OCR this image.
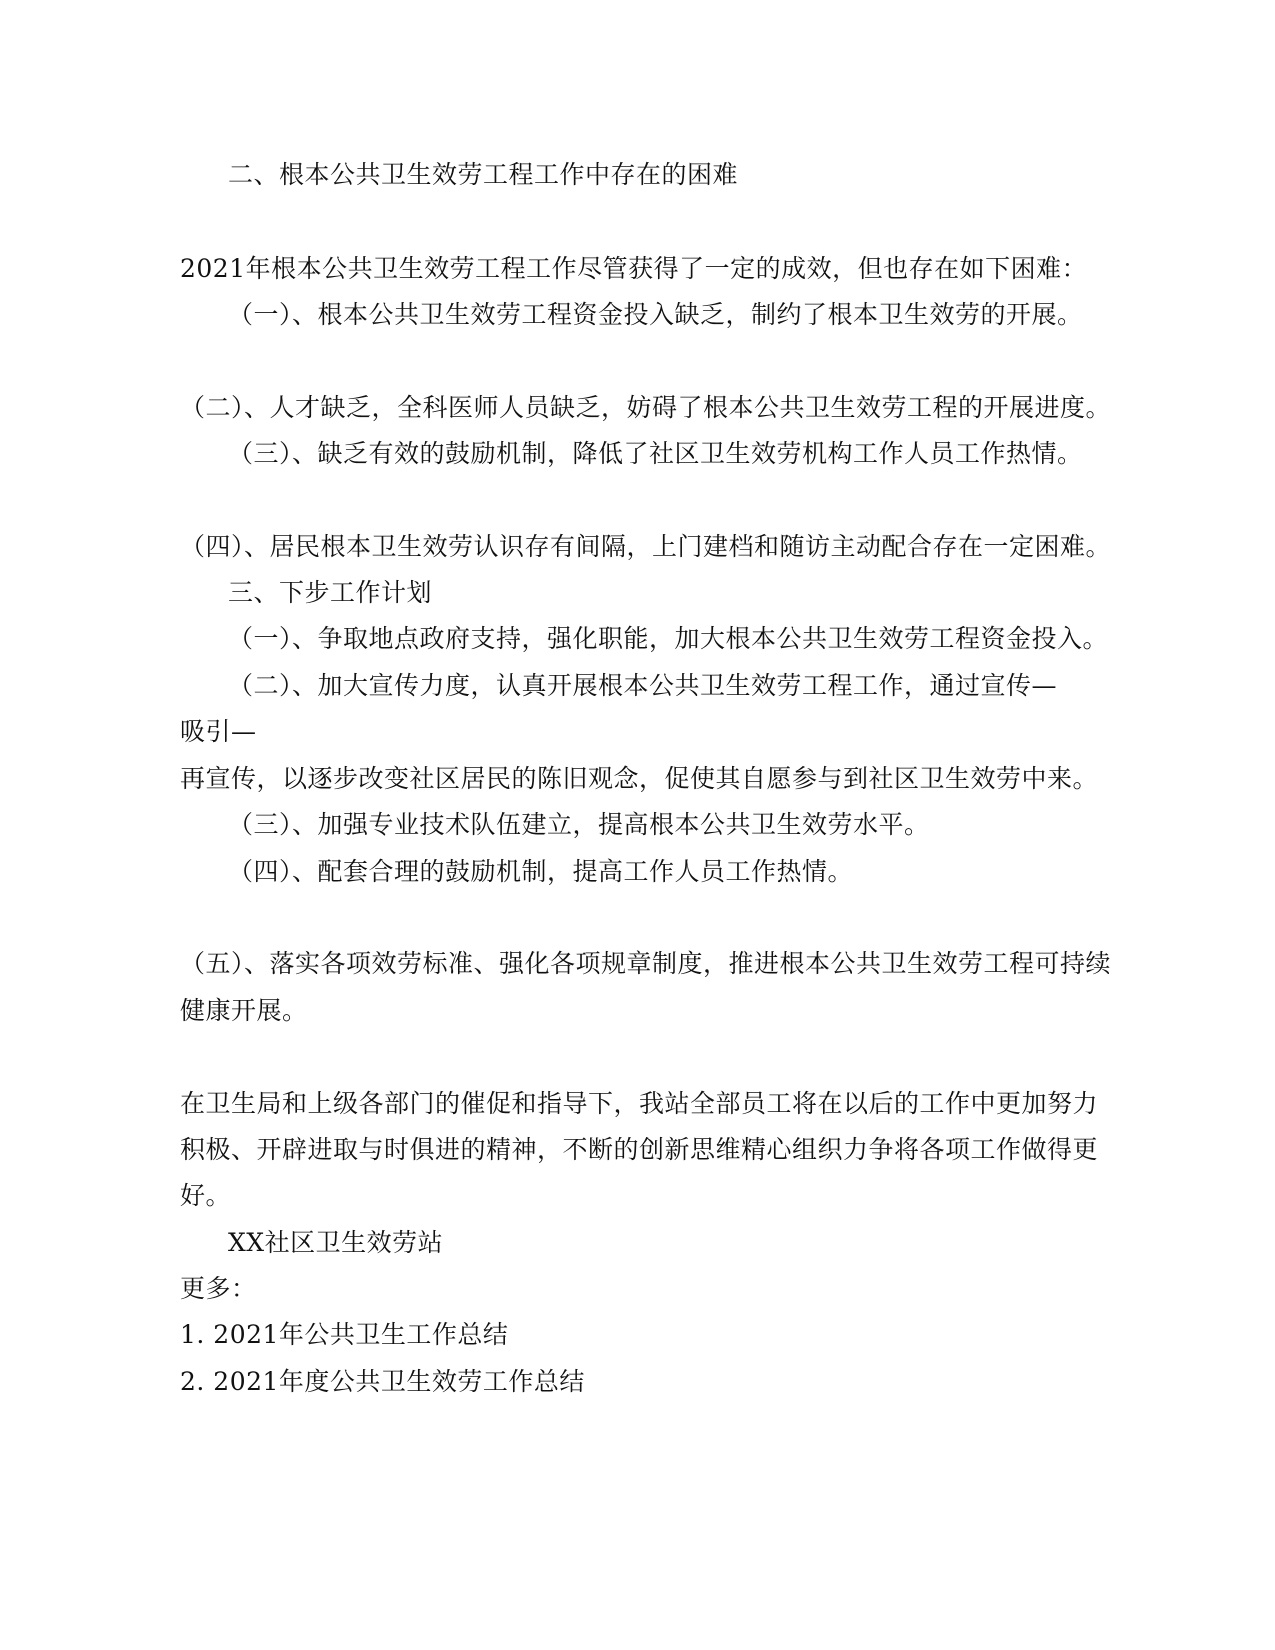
二、根本公共卫生效劳工程工作中存在的困难
2021年根本公共卫生效劳工程工作尽管获得了一定的成效，但也存在如下困难：
（一）、根本公共卫生效劳工程资金投入缺乏，制约了根本卫生效劳的开展。
（二）、人才缺乏，全科医师人员缺乏，妨碍了根本公共卫生效劳工程的开展进度。
（三）、缺乏有效的鼓励机制，降低了社区卫生效劳机构工作人员工作热情。
（四）、居民根本卫生效劳认识存有间隔，上门建档和随访主动配合存在一定困难。
三、下步工作计划
（一）、争取地点政府支持，强化职能，加大根本公共卫生效劳工程资金投入。
（二）、加大宣传力度，认真开展根本公共卫生效劳工程工作，通过宣传—
吸引—
再宣传，以逐步改变社区居民的陈旧观念，促使其自愿参与到社区卫生效劳中来。
（三）、加强专业技术队伍建立，提高根本公共卫生效劳水平。
（四）、配套合理的鼓励机制，提高工作人员工作热情。
（五）、落实各项效劳标准、强化各项规章制度，推进根本公共卫生效劳工程可持续
健康开展。
在卫生局和上级各部门的催促和指导下，我站全部员工将在以后的工作中更加努力
积极、开辟进取与时俱进的精神，不断的创新思维精心组织力争将各项工作做得更
好。
XX社区卫生效劳站
更多：
1. 2021年公共卫生工作总结
2. 2021年度公共卫生效劳工作总结
